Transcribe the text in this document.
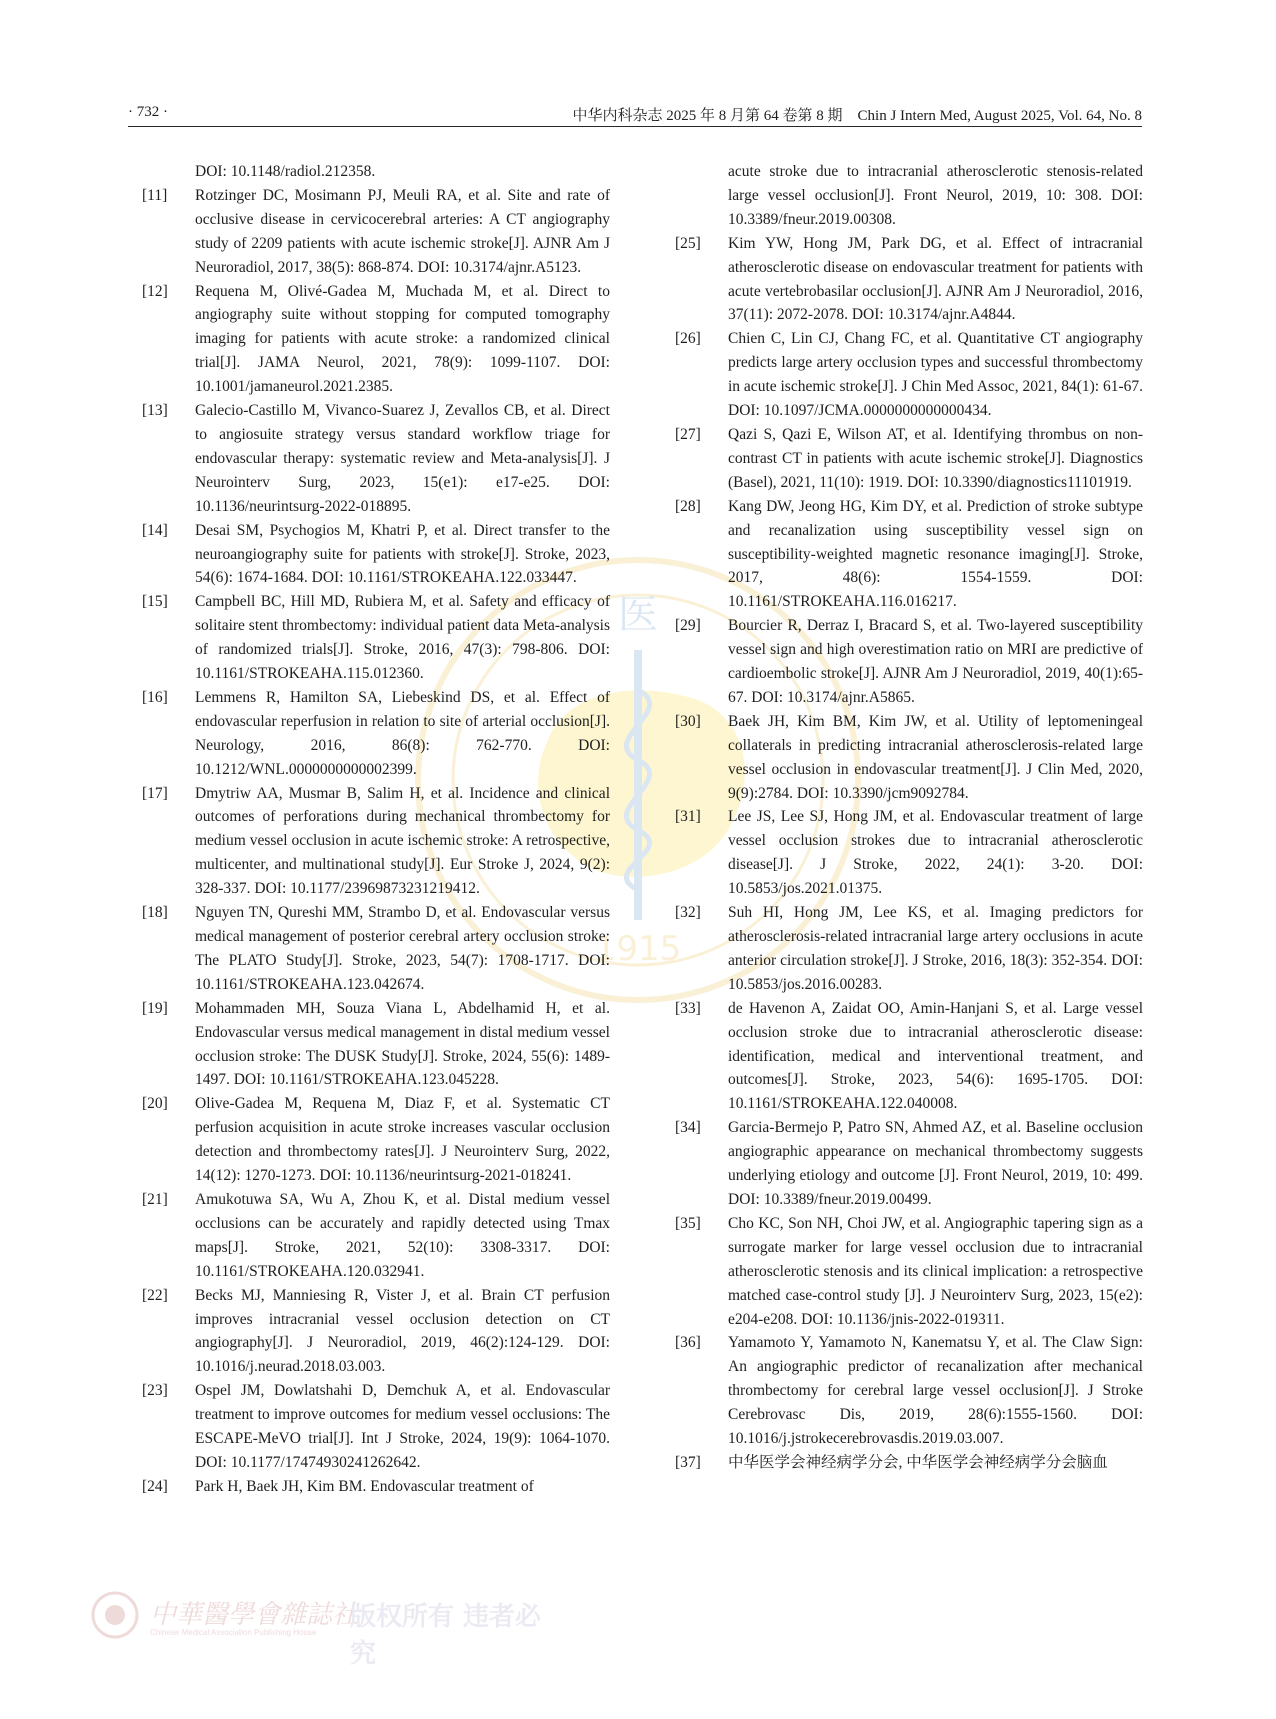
· 732 ·	中华内科杂志 2025 年 8 月第 64 卷第 8 期　Chin J Intern Med, August 2025, Vol. 64, No. 8
医
1915
DOI: 10.1148/radiol.212358.
[11] Rotzinger DC, Mosimann PJ, Meuli RA, et al. Site and rate of occlusive disease in cervicocerebral arteries: A CT angiography study of 2209 patients with acute ischemic stroke[J]. AJNR Am J Neuroradiol, 2017, 38(5): 868-874. DOI: 10.3174/ajnr.A5123.
[12] Requena M, Olivé-Gadea M, Muchada M, et al. Direct to angiography suite without stopping for computed tomography imaging for patients with acute stroke: a randomized clinical trial[J]. JAMA Neurol, 2021, 78(9): 1099-1107. DOI: 10.1001/jamaneurol.2021.2385.
[13] Galecio-Castillo M, Vivanco-Suarez J, Zevallos CB, et al. Direct to angiosuite strategy versus standard workflow triage for endovascular therapy: systematic review and Meta-analysis[J]. J Neurointerv Surg, 2023, 15(e1): e17-e25. DOI: 10.1136/neurintsurg-2022-018895.
[14] Desai SM, Psychogios M, Khatri P, et al. Direct transfer to the neuroangiography suite for patients with stroke[J]. Stroke, 2023, 54(6): 1674-1684. DOI: 10.1161/STROKEAHA.122.033447.
[15] Campbell BC, Hill MD, Rubiera M, et al. Safety and efficacy of solitaire stent thrombectomy: individual patient data Meta-analysis of randomized trials[J]. Stroke, 2016, 47(3): 798-806. DOI: 10.1161/STROKEAHA.115.012360.
[16] Lemmens R, Hamilton SA, Liebeskind DS, et al. Effect of endovascular reperfusion in relation to site of arterial occlusion[J]. Neurology, 2016, 86(8): 762-770. DOI: 10.1212/WNL.0000000000002399.
[17] Dmytriw AA, Musmar B, Salim H, et al. Incidence and clinical outcomes of perforations during mechanical thrombectomy for medium vessel occlusion in acute ischemic stroke: A retrospective, multicenter, and multinational study[J]. Eur Stroke J, 2024, 9(2): 328-337. DOI: 10.1177/23969873231219412.
[18] Nguyen TN, Qureshi MM, Strambo D, et al. Endovascular versus medical management of posterior cerebral artery occlusion stroke: The PLATO Study[J]. Stroke, 2023, 54(7): 1708-1717. DOI: 10.1161/STROKEAHA.123.042674.
[19] Mohammaden MH, Souza Viana L, Abdelhamid H, et al. Endovascular versus medical management in distal medium vessel occlusion stroke: The DUSK Study[J]. Stroke, 2024, 55(6): 1489-1497. DOI: 10.1161/STROKEAHA.123.045228.
[20] Olive-Gadea M, Requena M, Diaz F, et al. Systematic CT perfusion acquisition in acute stroke increases vascular occlusion detection and thrombectomy rates[J]. J Neurointerv Surg, 2022, 14(12): 1270-1273. DOI: 10.1136/neurintsurg-2021-018241.
[21] Amukotuwa SA, Wu A, Zhou K, et al. Distal medium vessel occlusions can be accurately and rapidly detected using Tmax maps[J]. Stroke, 2021, 52(10): 3308-3317. DOI: 10.1161/STROKEAHA.120.032941.
[22] Becks MJ, Manniesing R, Vister J, et al. Brain CT perfusion improves intracranial vessel occlusion detection on CT angiography[J]. J Neuroradiol, 2019, 46(2):124-129. DOI: 10.1016/j.neurad.2018.03.003.
[23] Ospel JM, Dowlatshahi D, Demchuk A, et al. Endovascular treatment to improve outcomes for medium vessel occlusions: The ESCAPE-MeVO trial[J]. Int J Stroke, 2024, 19(9): 1064-1070. DOI: 10.1177/17474930241262642.
[24] Park H, Baek JH, Kim BM. Endovascular treatment of
acute stroke due to intracranial atherosclerotic stenosis-related large vessel occlusion[J]. Front Neurol, 2019, 10: 308. DOI: 10.3389/fneur.2019.00308.
[25] Kim YW, Hong JM, Park DG, et al. Effect of intracranial atherosclerotic disease on endovascular treatment for patients with acute vertebrobasilar occlusion[J]. AJNR Am J Neuroradiol, 2016, 37(11): 2072-2078. DOI: 10.3174/ajnr.A4844.
[26] Chien C, Lin CJ, Chang FC, et al. Quantitative CT angiography predicts large artery occlusion types and successful thrombectomy in acute ischemic stroke[J]. J Chin Med Assoc, 2021, 84(1): 61-67. DOI: 10.1097/JCMA.0000000000000434.
[27] Qazi S, Qazi E, Wilson AT, et al. Identifying thrombus on non-contrast CT in patients with acute ischemic stroke[J]. Diagnostics (Basel), 2021, 11(10): 1919. DOI: 10.3390/diagnostics11101919.
[28] Kang DW, Jeong HG, Kim DY, et al. Prediction of stroke subtype and recanalization using susceptibility vessel sign on susceptibility-weighted magnetic resonance imaging[J]. Stroke, 2017, 48(6): 1554-1559. DOI: 10.1161/STROKEAHA.116.016217.
[29] Bourcier R, Derraz I, Bracard S, et al. Two-layered susceptibility vessel sign and high overestimation ratio on MRI are predictive of cardioembolic stroke[J]. AJNR Am J Neuroradiol, 2019, 40(1):65-67. DOI: 10.3174/ajnr.A5865.
[30] Baek JH, Kim BM, Kim JW, et al. Utility of leptomeningeal collaterals in predicting intracranial atherosclerosis-related large vessel occlusion in endovascular treatment[J]. J Clin Med, 2020, 9(9):2784. DOI: 10.3390/jcm9092784.
[31] Lee JS, Lee SJ, Hong JM, et al. Endovascular treatment of large vessel occlusion strokes due to intracranial atherosclerotic disease[J]. J Stroke, 2022, 24(1): 3-20. DOI: 10.5853/jos.2021.01375.
[32] Suh HI, Hong JM, Lee KS, et al. Imaging predictors for atherosclerosis-related intracranial large artery occlusions in acute anterior circulation stroke[J]. J Stroke, 2016, 18(3): 352-354. DOI: 10.5853/jos.2016.00283.
[33] de Havenon A, Zaidat OO, Amin-Hanjani S, et al. Large vessel occlusion stroke due to intracranial atherosclerotic disease: identification, medical and interventional treatment, and outcomes[J]. Stroke, 2023, 54(6): 1695-1705. DOI: 10.1161/STROKEAHA.122.040008.
[34] Garcia-Bermejo P, Patro SN, Ahmed AZ, et al. Baseline occlusion angiographic appearance on mechanical thrombectomy suggests underlying etiology and outcome [J]. Front Neurol, 2019, 10: 499. DOI: 10.3389/fneur.2019.00499.
[35] Cho KC, Son NH, Choi JW, et al. Angiographic tapering sign as a surrogate marker for large vessel occlusion due to intracranial atherosclerotic stenosis and its clinical implication: a retrospective matched case-control study [J]. J Neurointerv Surg, 2023, 15(e2): e204-e208. DOI: 10.1136/jnis-2022-019311.
[36] Yamamoto Y, Yamamoto N, Kanematsu Y, et al. The Claw Sign: An angiographic predictor of recanalization after mechanical thrombectomy for cerebral large vessel occlusion[J]. J Stroke Cerebrovasc Dis, 2019, 28(6):1555-1560. DOI: 10.1016/j.jstrokecerebrovasdis.2019.03.007.
[37] 中华医学会神经病学分会, 中华医学会神经病学分会脑血
中華醫學會雜誌社
Chinese Medical Association Publishing House
版权所有 违者必究
